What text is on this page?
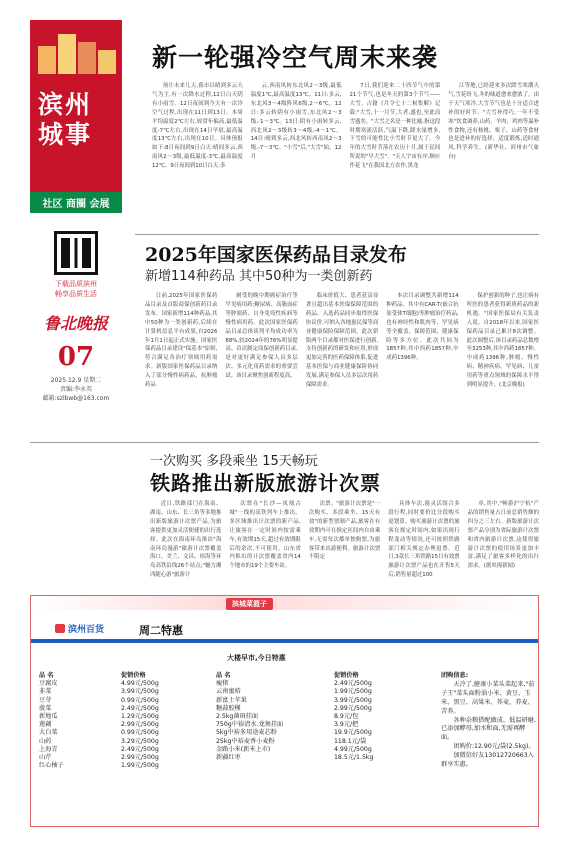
滨州城事
社区 商圈 会展
下载品质滨州
畅享品质生活
鲁北晚报
07
2025.12.9 星期二
责编:李永英
邮箱:szlbwb@163.com
新一轮强冷空气周末来袭

预计未来几天,我市以晴到多云天气为主,有一次降水过程,12日白天阴有小雨雪。12日夜间到今天有一次冷空气过程,出现在11日到13日。本周平均温度2℃左右,较常年偏高,最低温度-7℃左右,出现在14日早晨,最高温度13℃左右,出现在10日。具体预报如下:8日夜间到9日白天:晴间多云,西南风2～3级,最低温度-3℃,最高温度12℃。9日夜间到10日白天:多

云,西南风转东北风2～3级,最低温度1℃,最高温度13℃。11日:多云,东北风3～4级阵风6级,2～6℃。12日:多云转阴有小雨雪,东北风2～3级,-1～3℃。13日:阴有小雨转多云,西北风2～3级转3～4级,-4～1℃。14日:晴到多云,西北风转西南风2～3级,-7～3℃。"小雪"后,"大雪"始。12月

7日,我们迎来二十四节气中的第21个节气,也是冬天的第3个节气——大雪。古籍《月令七十二候集解》记载:"大雪,十一月节,大者,盛也,至此而雪盛矣。"大雪之名是一种比喻,指这段时期寒流活跃,气温下降,降水量增多,下雪的可能性比小雪时节更大了。今年的大雪时节落在农历十月,属于民间所说的"早大雪"。"天人宇宙有序,顺应作花飞"在我国北方农作,黑龙

江等地,已经迎来多次降雪寒潮天气,雪花纷飞,冬的味道愈来愈浓了。由于天气寒冷,大雪节气也是十分适合进补的好时节。"大雪补得巧,一年不受寒"饮食调养,山药、羊肉、鸡肉等温补性食物,还有核桃、栗子、山药等食材也是进补的好选择。适度锻炼,适时通风,科学养生。(新华社、滨州市气象台)

2025年国家医保药品目录发布
新增114种药品 其中50种为一类创新药

日前,2025年国家医保药品目录及首版商保创新药目录发布。国家新增114种药品,其中50种为一类创新药,后续在计算机信息平台成果,自2026年1月1日起正式实施。国家医保药品目录建设"保基本"原则,符合满足各治疗领域用药需求。新版国家医保药品目录纳入了部分慢性病药品、抗肿瘤药品

耐受的晚中期癌症治疗等罕见病用药;糖尿病、高脂血症等肿瘤药、自身免疫性疾病等慢性病用药。此次国家医保药品目录总体谈判平均成功率为88%,较2024年的76%明显提高。首次制定商保创新药目录,是对更好满足参保人员多层次、多元化用药需求的重要尝试。该目录聚焦创新程度高、

临床价值大、患者获益显著且超出基本医保保障范围的药品。入选药品同步取得医保协议价,可纳入各地惠民保等商业健康保险保障范围。此次新版两个目录都对医保进行创新,支持创新药的研发和应用,形成更加完善的医药保障体系,促进基本医保与商业健康保险协同发展,满足参保人员多层次用药保障需求。

本次目录调整共新增114种药品。其中有CAR-T(嵌合抗原受体T细胞)等肿瘤治疗药品,也有神经性和肌肉等、罕见病等全覆盖。保障范围、健康保险等多方位。此次共同为1857种,其中西药1857种,中成药1396种。

保护创新的种子,也让病有所医的患者获得新质药品的新机遇。"国家医保局有关负责人说。自2018年以来,国家医保药品目录已累计8次调整。此次调整后,该目录药品总数增至3253种,其中西药1857种、中成药1396种,肿瘤、慢性病、精神疾病、罕见病、儿童用药等重点领域的保障水平得到明显提升。(北京晚报)

一次购买 多段乘坐 15天畅玩
铁路推出新版旅游计次票

近日,铁路部门在海南、湖南、山东、长三角等多地推出新版旅游计次票产品,为旅客提供更加灵活便捷的出行选择。此次在海南环岛推出"海南环岛漫游"旅游计次票覆盖海口、美兰、文昌、琼海等环岛高铁沿线26个站点;"魅力湘西随心游"旅游计

次票在"长沙—凤凰古城"一线的高铁列车上推出。多区域推出计次票的新产品,让旅客在一定时间内按需乘车,有效期15天,超过有效期限后的余次,不可使用。山东省内推出的计次票覆盖省内14个地市的19个主要车站。

次票。"旅游计次票是"一次购买、多段乘坐、15天有效"的新型票制产品,旅客在有效期内可在指定区间内自由乘车,无需每次都单独购票,为旅客带来出游便利。旅游计次票不限定

具体车次,能灵活组合多段行程,同时要价比分段购买更划算。购买旅游计次票的旅客在规定时间内,如果出现行程变动等情况,还可按照铁路部门相关规定办理退票。近日,3款长三角铁路15日有效票旅游计次票产品也在开售5天后,销售量超过100

单,其中,"畅游沪宁杭"产品的销售量占日前总销售额的四分之三左右。新版旅游计次票产品分别为省际旅游计次票和省内旅游计次票,这使得旅游计次票的使用场景更加丰富,满足了旅客多样化的出行需求。(据央视新闻)

滨城菜篮子
滨州百货	周二特惠
大楼早市,今日特惠
品 名	促销价格
豆腐皮	4.99元/500g
韭菜	3.99元/500g
豆芽	0.99元/500g
菠菜	2.49元/500g
新地瓜	1.29元/500g
莲藕	2.99元/500g
大白菜	0.99元/500g
山药	3.29元/500g
上海青	2.49元/500g
山芹	2.99元/500g
红心柚子	1.99元/500g
品 名	促销价格
瘦猪	2.49元/500g
云南蜜桔	1.99元/500g
新富士苹果	3.99元/500g
糖蒜胶槿	2.99元/500g
2.5kg菌斑挂面	8.9元/包
750g中裕清水.龙须挂面	3.9元/把
5kg中裕多用途麦芯粉	19.9元/500g
25kg中裕麦香小麦粉	118.1元/袋
金路小米(新米上市)	4.99元/500g
新疆红枣	18.5元/1.5kg
团购信息:
天冷了,健康小菜头菜起来,"茄子王"菜头面粉油小米、黄豆、玉米、黑豆、高粱米、荞麦、养麦、苦荞。
各种杂粮搭配做成、低温研磨,已添加酵母,加水和面,无需再酵面。
团购价:12.90元/袋(2.5kg)。
加微信好友13012720663入群享实惠。
